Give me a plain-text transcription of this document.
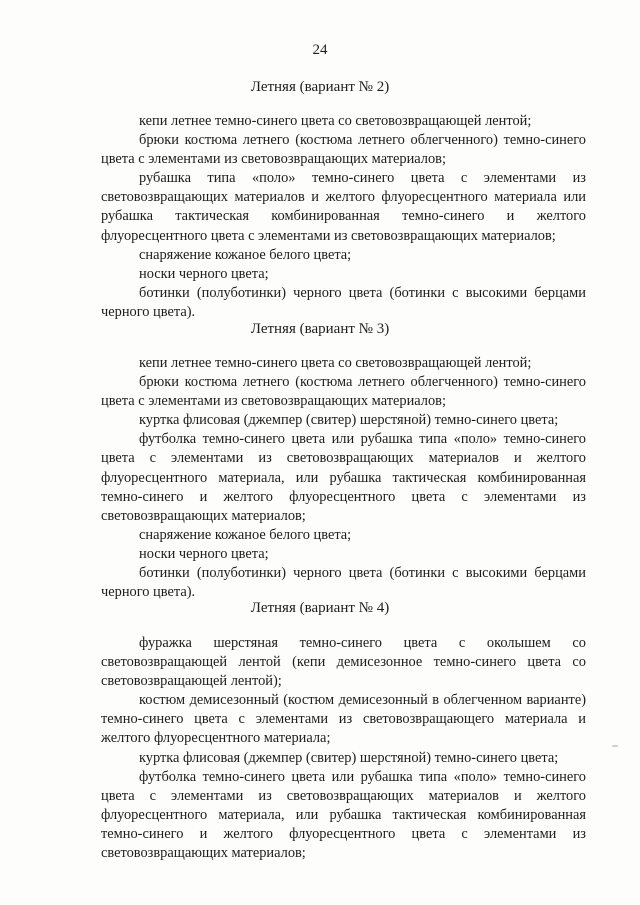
24
Летняя (вариант № 2)

кепи летнее темно-синего цвета со световозвращающей лентой;

брюки костюма летнего (костюма летнего облегченного) темно-синего цвета с элементами из световозвращающих материалов;

рубашка типа «поло» темно-синего цвета с элементами из световозвращающих материалов и желтого флуоресцентного материала или рубашка тактическая комбинированная темно-синего и желтого флуоресцентного цвета с элементами из световозвращающих материалов;

снаряжение кожаное белого цвета;

носки черного цвета;

ботинки (полуботинки) черного цвета (ботинки с высокими берцами черного цвета).

Летняя (вариант № 3)

кепи летнее темно-синего цвета со световозвращающей лентой;

брюки костюма летнего (костюма летнего облегченного) темно-синего цвета с элементами из световозвращающих материалов;

куртка флисовая (джемпер (свитер) шерстяной) темно-синего цвета;

футболка темно-синего цвета или рубашка типа «поло» темно-синего цвета с элементами из световозвращающих материалов и желтого флуоресцентного материала, или рубашка тактическая комбинированная темно-синего и желтого флуоресцентного цвета с элементами из световозвращающих материалов;

снаряжение кожаное белого цвета;

носки черного цвета;

ботинки (полуботинки) черного цвета (ботинки с высокими берцами черного цвета).

Летняя (вариант № 4)

фуражка шерстяная темно-синего цвета с околышем со световозвращающей лентой (кепи демисезонное темно-синего цвета со световозвращающей лентой);

костюм демисезонный (костюм демисезонный в облегченном варианте) темно-синего цвета с элементами из световозвращающего материала и желтого флуоресцентного материала;

куртка флисовая (джемпер (свитер) шерстяной) темно-синего цвета;

футболка темно-синего цвета или рубашка типа «поло» темно-синего цвета с элементами из световозвращающих материалов и желтого флуоресцентного материала, или рубашка тактическая комбинированная темно-синего и желтого флуоресцентного цвета с элементами из световозвращающих материалов;
